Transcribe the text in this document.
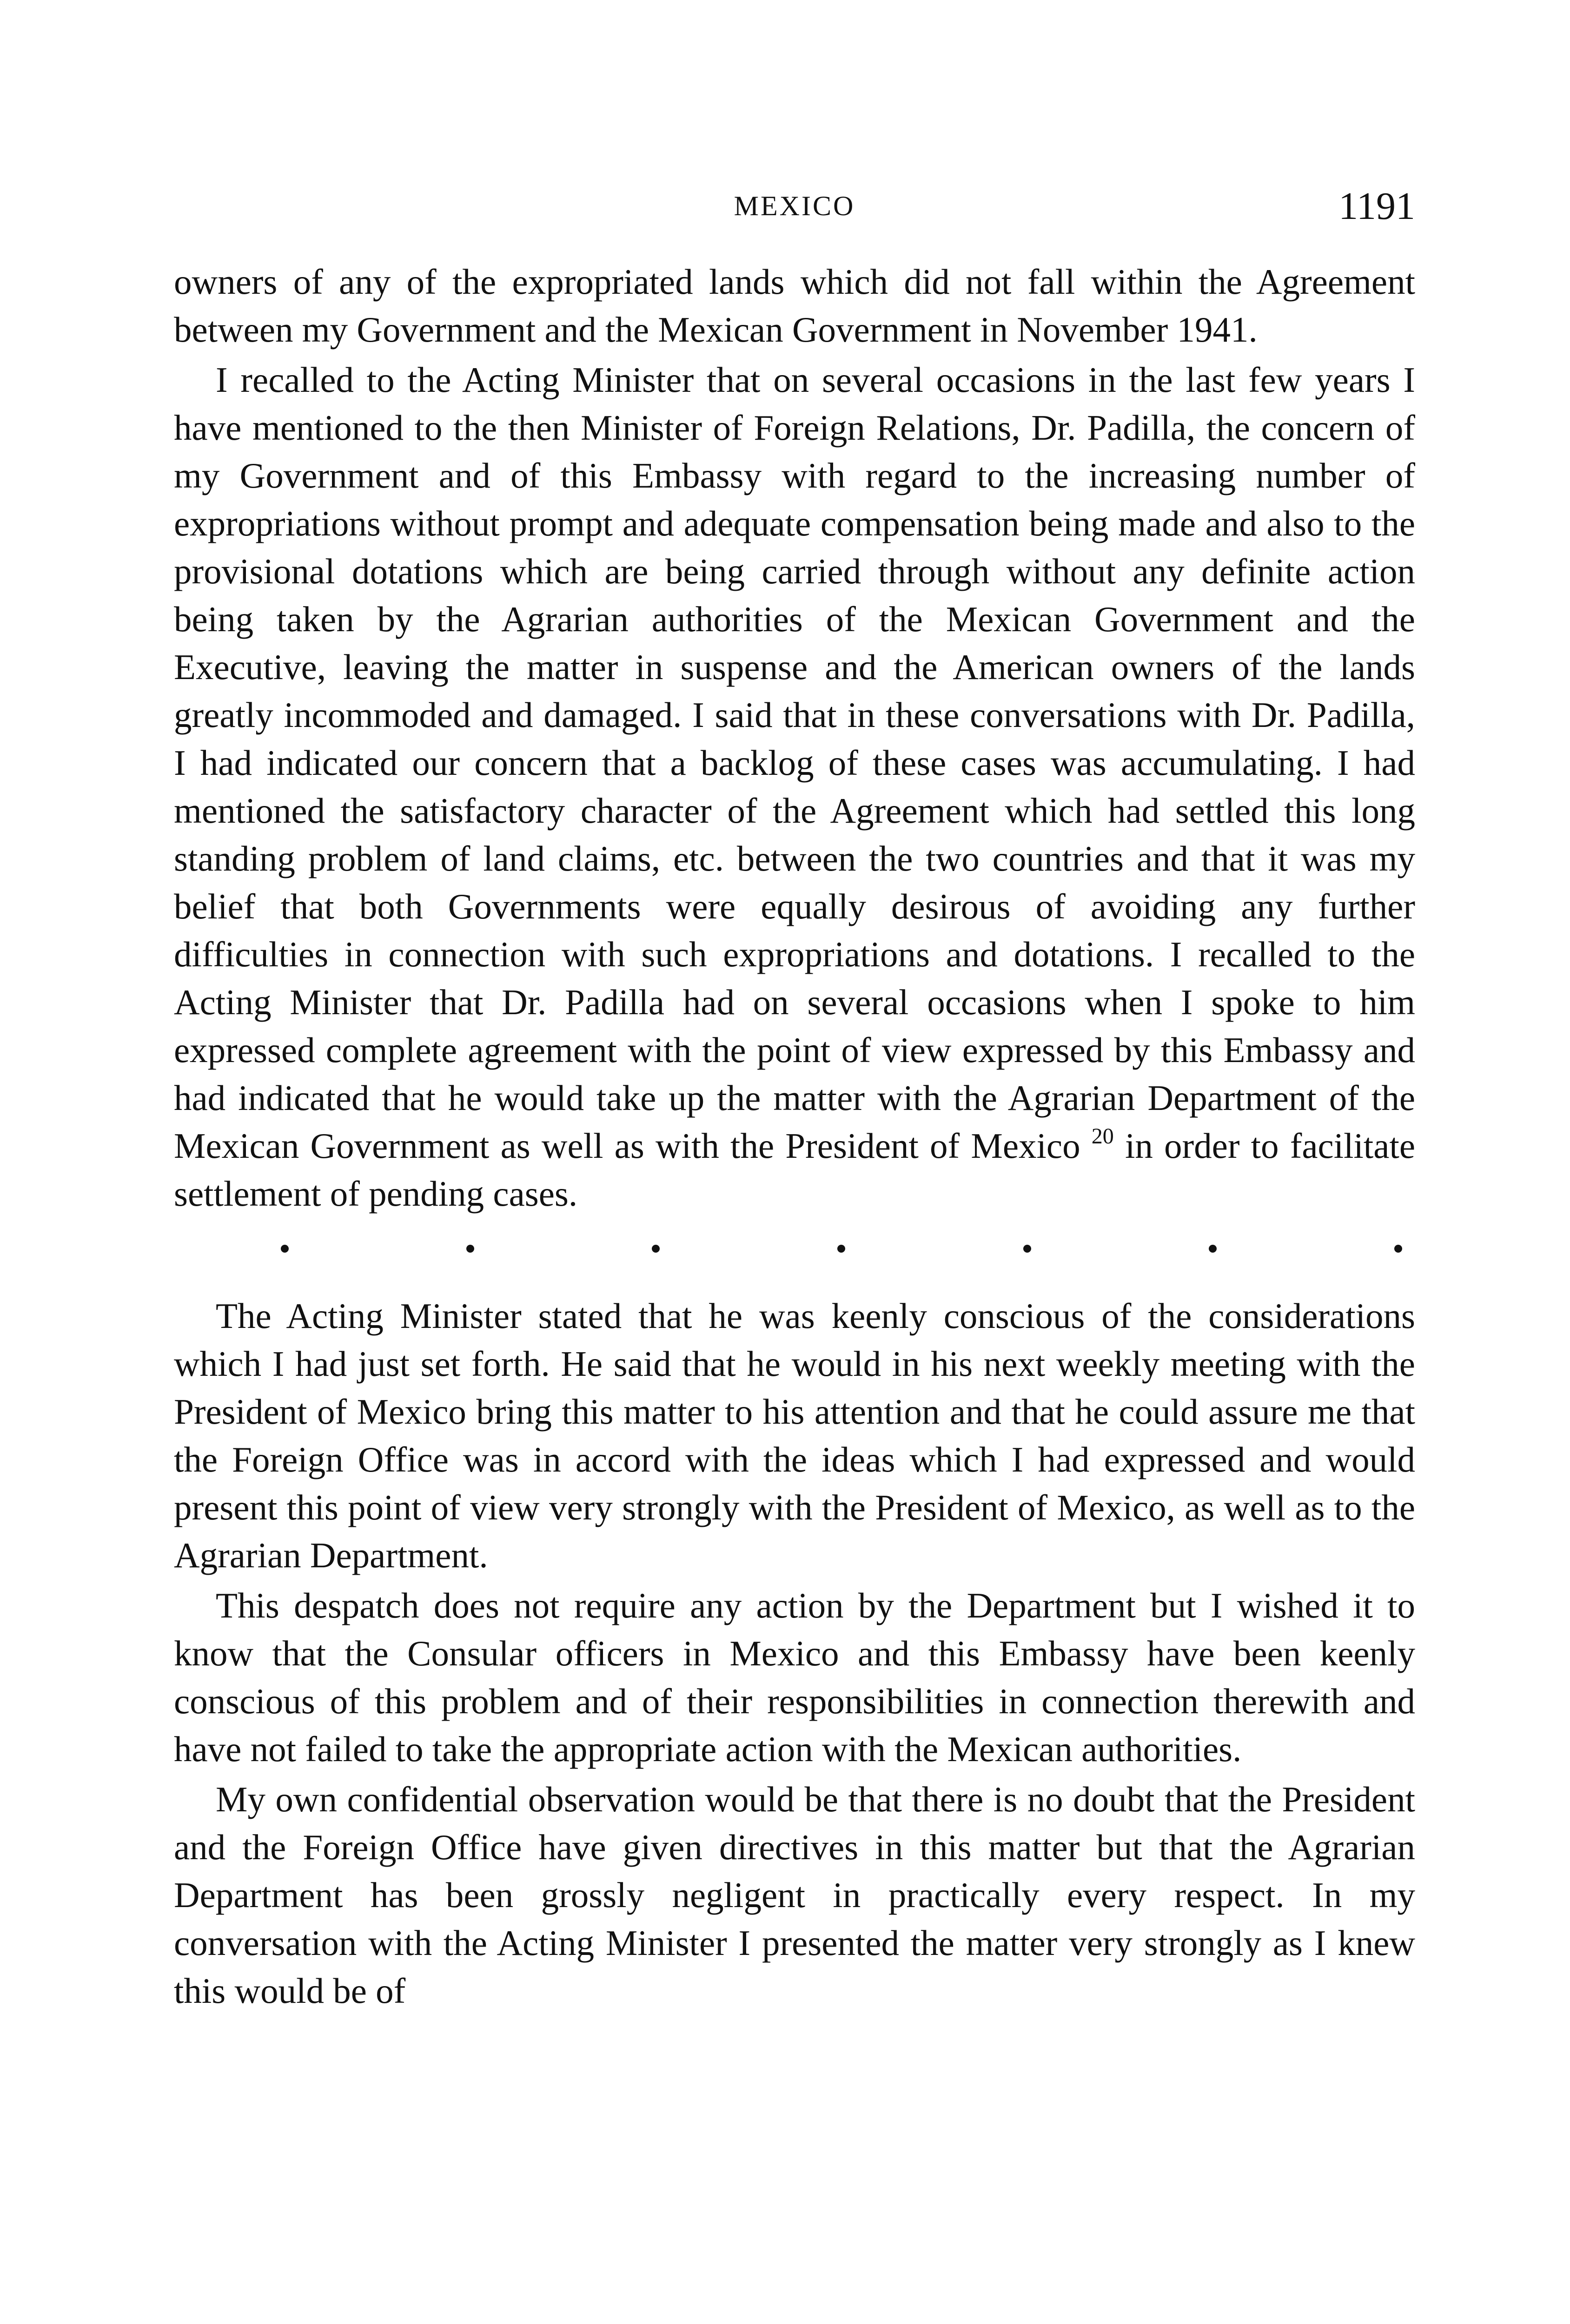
MEXICO	1191

owners of any of the expropriated lands which did not fall within the Agreement between my Government and the Mexican Government in November 1941.

I recalled to the Acting Minister that on several occasions in the last few years I have mentioned to the then Minister of Foreign Relations, Dr. Padilla, the concern of my Government and of this Embassy with regard to the increasing number of expropriations without prompt and adequate compensation being made and also to the provisional dotations which are being carried through without any definite action being taken by the Agrarian authorities of the Mexican Government and the Executive, leaving the matter in suspense and the American owners of the lands greatly incommoded and damaged. I said that in these conversations with Dr. Padilla, I had indicated our concern that a backlog of these cases was accumulating. I had mentioned the satisfactory character of the Agreement which had settled this long standing problem of land claims, etc. between the two countries and that it was my belief that both Governments were equally desirous of avoiding any further difficulties in connection with such expropriations and dotations. I recalled to the Acting Minister that Dr. Padilla had on several occasions when I spoke to him expressed complete agreement with the point of view expressed by this Embassy and had indicated that he would take up the matter with the Agrarian Department of the Mexican Government as well as with the President of Mexico $^{20}$ in order to facilitate settlement of pending cases.

The Acting Minister stated that he was keenly conscious of the considerations which I had just set forth. He said that he would in his next weekly meeting with the President of Mexico bring this matter to his attention and that he could assure me that the Foreign Office was in accord with the ideas which I had expressed and would present this point of view very strongly with the President of Mexico, as well as to the Agrarian Department.

This despatch does not require any action by the Department but I wished it to know that the Consular officers in Mexico and this Embassy have been keenly conscious of this problem and of their responsibilities in connection therewith and have not failed to take the appropriate action with the Mexican authorities.

My own confidential observation would be that there is no doubt that the President and the Foreign Office have given directives in this matter but that the Agrarian Department has been grossly negligent in practically every respect. In my conversation with the Acting Minister I presented the matter very strongly as I knew this would be of
